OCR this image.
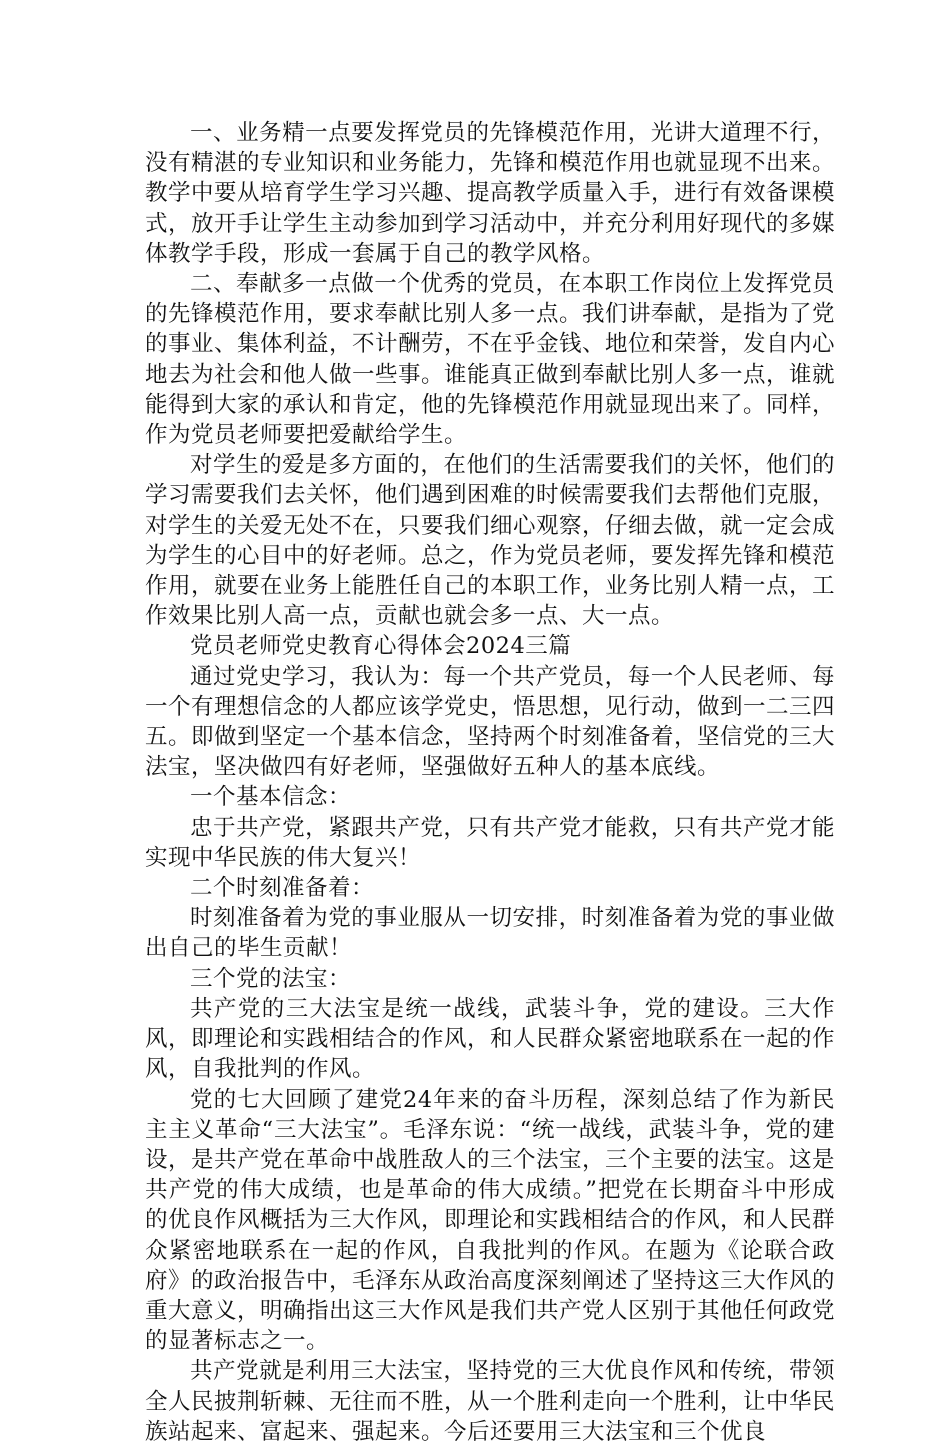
一、业务精一点要发挥党员的先锋模范作用，光讲大道理不行，没有精湛的专业知识和业务能力，先锋和模范作用也就显现不出来。教学中要从培育学生学习兴趣、提高教学质量入手，进行有效备课模式，放开手让学生主动参加到学习活动中，并充分利用好现代的多媒体教学手段，形成一套属于自己的教学风格。

二、奉献多一点做一个优秀的党员，在本职工作岗位上发挥党员的先锋模范作用，要求奉献比别人多一点。我们讲奉献，是指为了党的事业、集体利益，不计酬劳，不在乎金钱、地位和荣誉，发自内心地去为社会和他人做一些事。谁能真正做到奉献比别人多一点，谁就能得到大家的承认和肯定，他的先锋模范作用就显现出来了。同样，作为党员老师要把爱献给学生。

对学生的爱是多方面的，在他们的生活需要我们的关怀，他们的学习需要我们去关怀，他们遇到困难的时候需要我们去帮他们克服，对学生的关爱无处不在，只要我们细心观察，仔细去做，就一定会成为学生的心目中的好老师。总之，作为党员老师，要发挥先锋和模范作用，就要在业务上能胜任自己的本职工作，业务比别人精一点，工作效果比别人高一点，贡献也就会多一点、大一点。

党员老师党史教育心得体会2024三篇

通过党史学习，我认为：每一个共产党员，每一个人民老师、每一个有理想信念的人都应该学党史，悟思想，见行动，做到一二三四五。即做到坚定一个基本信念，坚持两个时刻准备着，坚信党的三大法宝，坚决做四有好老师，坚强做好五种人的基本底线。

一个基本信念：

忠于共产党，紧跟共产党，只有共产党才能救，只有共产党才能实现中华民族的伟大复兴！

二个时刻准备着：

时刻准备着为党的事业服从一切安排，时刻准备着为党的事业做出自己的毕生贡献！

三个党的法宝：

共产党的三大法宝是统一战线，武装斗争，党的建设。三大作风，即理论和实践相结合的作风，和人民群众紧密地联系在一起的作风，自我批判的作风。

党的七大回顾了建党24年来的奋斗历程，深刻总结了作为新民主主义革命“三大法宝”。毛泽东说：“统一战线，武装斗争，党的建设，是共产党在革命中战胜敌人的三个法宝，三个主要的法宝。这是共产党的伟大成绩，也是革命的伟大成绩。”把党在长期奋斗中形成的优良作风概括为三大作风，即理论和实践相结合的作风，和人民群众紧密地联系在一起的作风，自我批判的作风。在题为《论联合政府》的政治报告中，毛泽东从政治高度深刻阐述了坚持这三大作风的重大意义，明确指出这三大作风是我们共产党人区别于其他任何政党的显著标志之一。

共产党就是利用三大法宝，坚持党的三大优良作风和传统，带领全人民披荆斩棘、无往而不胜，从一个胜利走向一个胜利，让中华民族站起来、富起来、强起来。今后还要用三大法宝和三个优良
